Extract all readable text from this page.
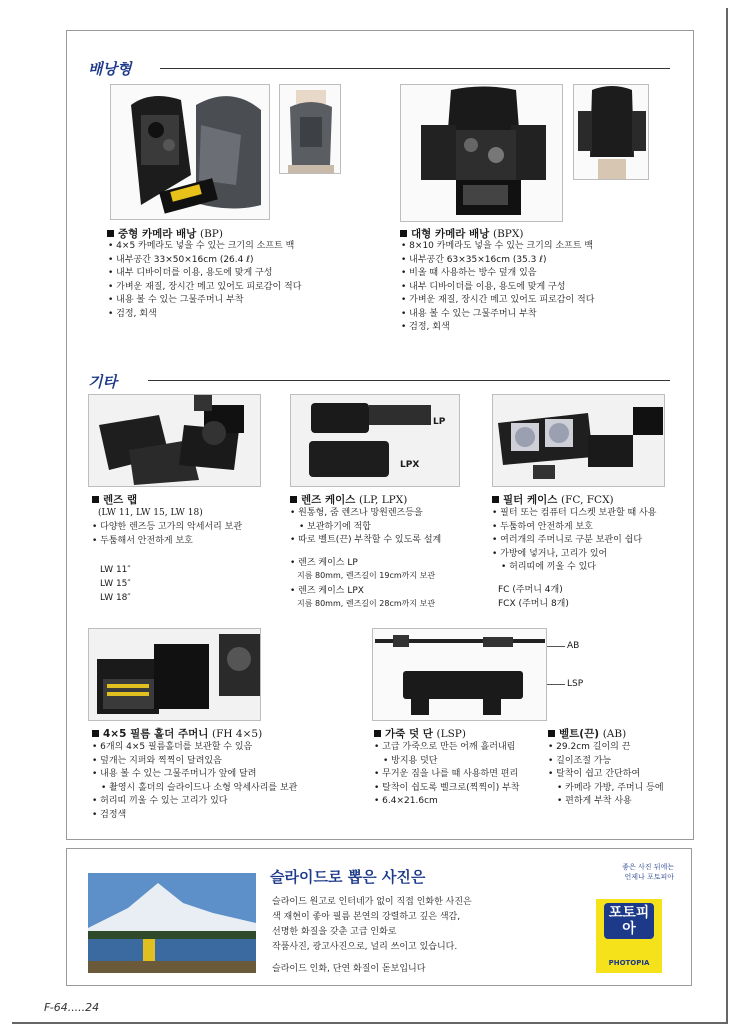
배낭형
중형 카메라 배낭 (BP)
• 4×5 카메라도 넣을 수 있는 크기의 소프트 백
• 내부공간 33×50×16cm (26.4 ℓ)
• 내부 디바이더를 이용, 용도에 맞게 구성
• 가벼운 재질, 장시간 메고 있어도 피로감이 적다
• 내용 볼 수 있는 그물주머니 부착
• 검정, 회색
대형 카메라 배낭 (BPX)
• 8×10 카메라도 넣을 수 있는 크기의 소프트 백
• 내부공간 63×35×16cm (35.3 ℓ)
• 비올 때 사용하는 방수 덮개 있음
• 내부 디바이더를 이용, 용도에 맞게 구성
• 가벼운 재질, 장시간 메고 있어도 피로감이 적다
• 내용 볼 수 있는 그물주머니 부착
• 검정, 회색
기타
LP
LPX
렌즈 랩
(LW 11, LW 15, LW 18)
• 다양한 렌즈등 고가의 악세서리 보관
• 두툼해서 안전하게 보호
LW 11″
LW 15″
LW 18″
렌즈 케이스 (LP, LPX)
• 원통형, 줌 렌즈나 망원렌즈등을
• 보관하기에 적합
• 따로 벨트(끈) 부착할 수 있도록 설계
• 렌즈 케이스 LP
지름 80mm, 렌즈길이 19cm까지 보관
• 렌즈 케이스 LPX
지름 80mm, 렌즈길이 28cm까지 보관
필터 케이스 (FC, FCX)
• 필터 또는 컴퓨터 디스켓 보관할 때 사용
• 두툼하여 안전하게 보호
• 여러개의 주머니로 구분 보관이 쉽다
• 가방에 넣거나, 고리가 있어
• 허리띠에 끼울 수 있다
FC (주머니 4개)
FCX (주머니 8개)
AB
LSP
4×5 필름 홀더 주머니 (FH 4×5)
• 6개의 4×5 필름홀더를 보관할 수 있음
• 덮개는 지퍼와 찍찍이 달려있음
• 내용 볼 수 있는 그물주머니가 앞에 달려
• 촬영시 홀더의 슬라이드나 소형 악세사리를 보관
• 허리띠 끼울 수 있는 고리가 있다
• 검정색
가죽 덧 단 (LSP)
• 고급 가죽으로 만든 어깨 흘러내림
• 방지용 덧단
• 무거운 짐을 나를 때 사용하면 편리
• 탈착이 쉽도록 벨크로(찍찍이) 부착
• 6.4×21.6cm
벨트(끈) (AB)
• 29.2cm 길이의 끈
• 길이조절 가능
• 탈착이 쉽고 간단하여
• 카메라 가방, 주머니 등에
• 편하게 부착 사용
슬라이드로 뽑은 사진은
슬라이드 원고로 인터네가 없이 직접 인화한 사진은
색 재현이 좋아 필름 본연의 강렬하고 깊은 색감,
선명한 화질을 갖춘 고급 인화로
작품사진, 광고사진으로, 널리 쓰이고 있습니다.
슬라이드 인화, 단연 화질이 돋보입니다
좋은 사진 뒤에는
언제나 포토피아
포토피아
PHOTOPIA
F-64.....24
